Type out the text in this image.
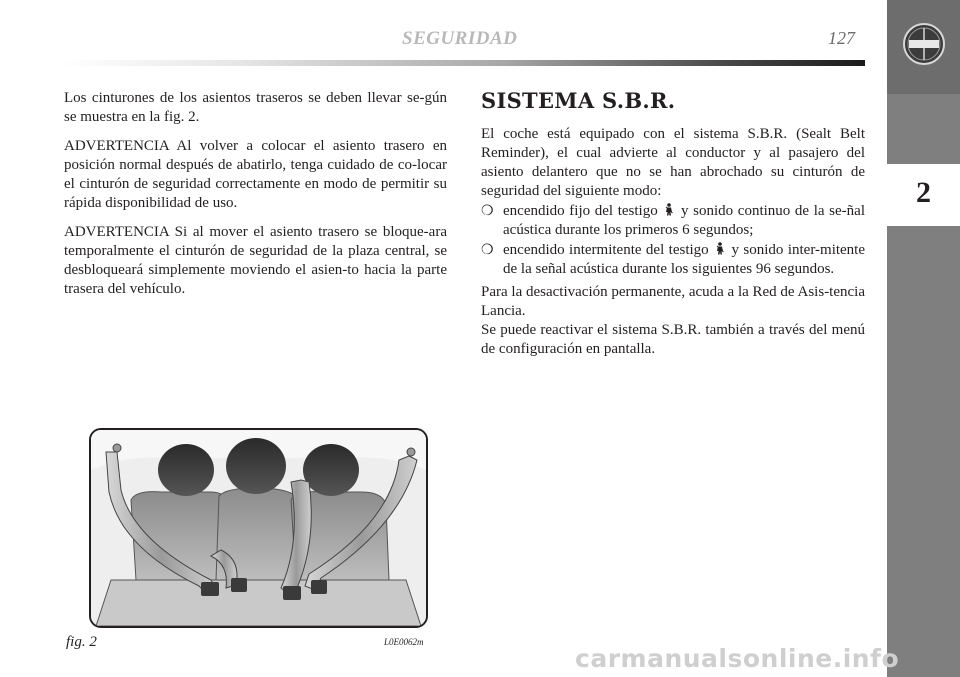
SEGURIDAD	127
2

Los cinturones de los asientos traseros se deben llevar se-gún se muestra en la fig. 2.

ADVERTENCIA Al volver a colocar el asiento trasero en posición normal después de abatirlo, tenga cuidado de co-locar el cinturón de seguridad correctamente en modo de permitir su rápida disponibilidad de uso.

ADVERTENCIA Si al mover el asiento trasero se bloque-ara temporalmente el cinturón de seguridad de la plaza central, se desbloqueará simplemente moviendo el asien-to hacia la parte trasera del vehículo.

SISTEMA S.B.R.

El coche está equipado con el sistema S.B.R. (Sealt Belt Reminder), el cual advierte al conductor y al pasajero del asiento delantero que no se han abrochado su cinturón de seguridad del siguiente modo:

❍ encendido fijo del testigo y sonido continuo de la se-ñal acústica durante los primeros 6 segundos;
❍ encendido intermitente del testigo y sonido inter-mitente de la señal acústica durante los siguientes 96 segundos.

Para la desactivación permanente, acuda a la Red de Asis-tencia Lancia.

Se puede reactivar el sistema S.B.R. también a través del menú de configuración en pantalla.

fig. 2	L0E0062m
carmanualsonline.info
